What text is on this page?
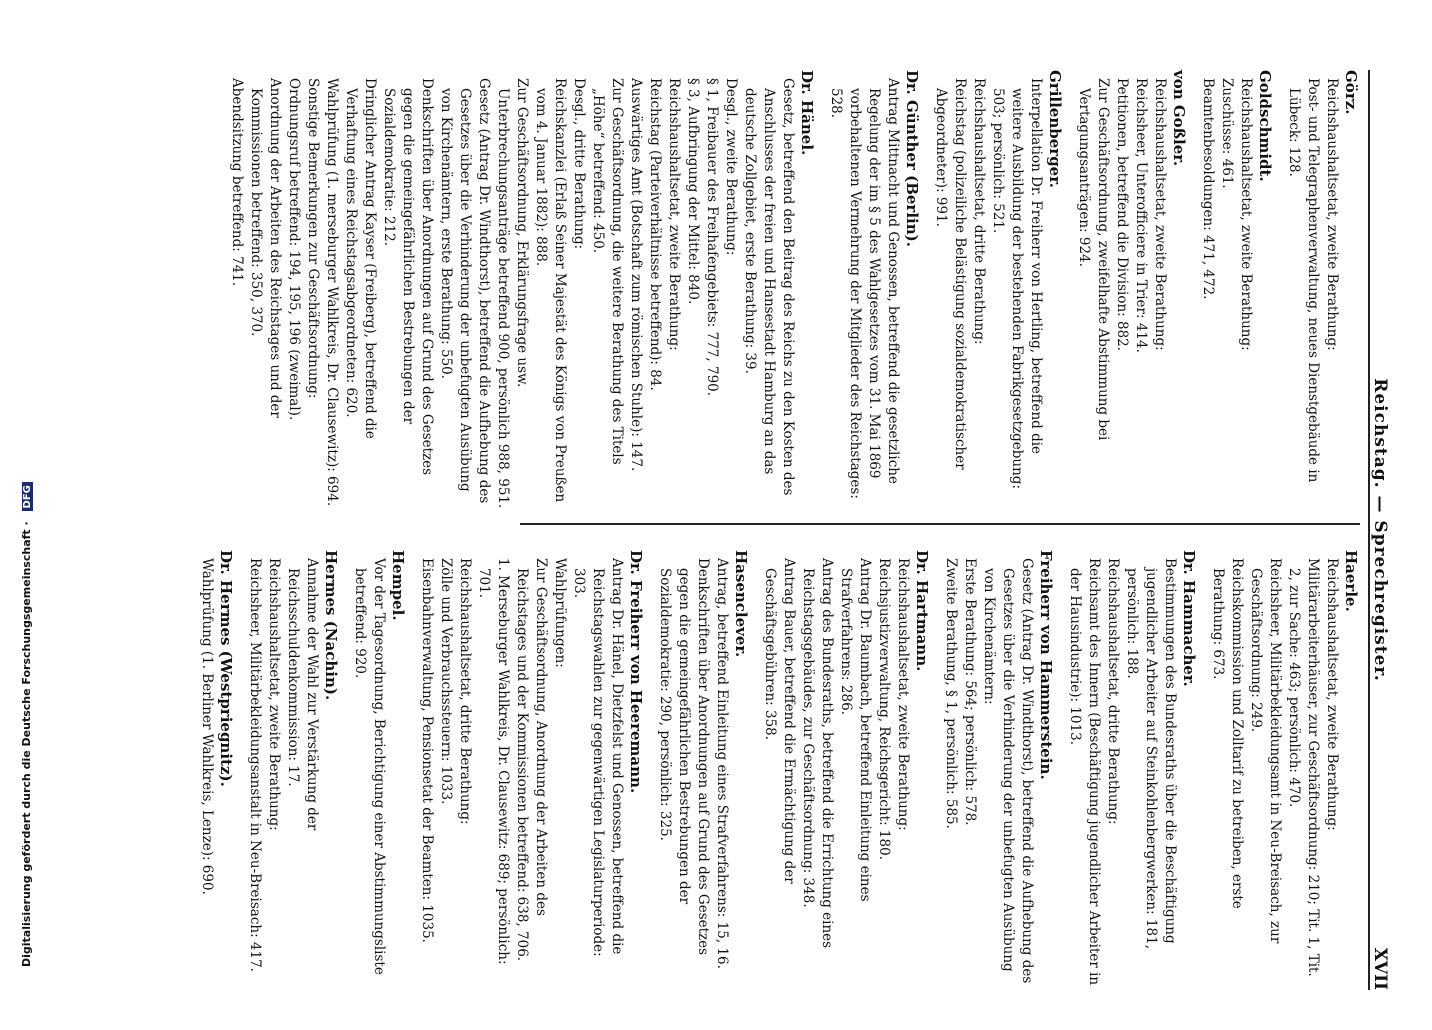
Digitalisierung gefördert durch die Deutsche Forschungsgemeinschaft · DFG	Reichstag. — Sprechregister.
XVII
Görz.
Reichshaushaltsetat, zweite Berathung:
Post- und Telegraphenverwaltung, neues Dienstgebäude in Lübeck: 128.
Goldschmidt.
Reichshaushaltsetat, zweite Berathung:
Zuschüsse: 461.
Beamtenbesoldungen: 471, 472.
von Goßler.
Reichshaushaltsetat, zweite Berathung:
Reichsheer, Unterofficiere in Trier: 414.
Petitionen, betreffend die Division: 882.
Zur Geschäftsordnung, zweifelhafte Abstimmung bei Vertagungsanträgen: 924.
Grillenberger.
Interpellation Dr. Freiherr von Hertling, betreffend die weitere Ausbildung der bestehenden Fabrikgesetzgebung: 503; persönlich: 521.
Reichshaushaltsetat, dritte Berathung:
Reichstag (polizeiliche Belästigung sozialdemokratischer Abgeordneter): 991.
Dr. Günther (Berlin).
Antrag Mittnacht und Genossen, betreffend die gesetzliche Regelung der im § 5 des Wahlgesetzes vom 31. Mai 1869 vorbehaltenen Vermehrung der Mitglieder des Reichstages: 528.
Dr. Hänel.
Gesetz, betreffend den Beitrag des Reichs zu den Kosten des Anschlusses der freien und Hansestadt Hamburg an das deutsche Zollgebiet, erste Berathung: 39.
Desgl., zweite Berathung:
§ 1, Freibauer des Freihafengebiets: 777, 790.
§ 3, Aufbringung der Mittel: 840.
Reichshaushaltsetat, zweite Berathung:
Reichstag (Parteiverhältnisse betreffend): 84.
Auswärtiges Amt (Botschaft zum römischen Stuhle): 147.
Zur Geschäftsordnung, die weitere Berathung des Titels „Höhe“ betreffend: 450.
Desgl., dritte Berathung:
Reichskanzlei (Erlaß Seiner Majestät des Königs von Preußen vom 4. Januar 1882): 888.
Zur Geschäftsordnung, Erklärungsfrage usw. Unterbrechungsanträge betreffend 900, persönlich 988, 951.
Gesetz (Antrag Dr. Windthorst), betreffend die Aufhebung des Gesetzes über die Verhinderung der unbefugten Ausübung von Kirchenämtern, erste Berathung: 550.
Denkschriften über Anordnungen auf Grund des Gesetzes gegen die gemeingefährlichen Bestrebungen der Sozialdemokratie: 212.
Dringlicher Antrag Kayser (Freiberg), betreffend die Verhaftung eines Reichstagsabgeordneten: 620.
Wahlprüfung (1. merseburger Wahlkreis, Dr. Clausewitz): 694.
Sonstige Bemerkungen zur Geschäftsordnung:
Ordnungsruf betreffend: 194, 195, 196 (zweimal).
Anordnung der Arbeiten des Reichstages und der Kommissionen betreffend: 350, 370.
Abendsitzung betreffend: 741.
Haerle.
Reichshaushaltsetat, zweite Berathung:
Militärarbeiterhäuser, zur Geschäftsordnung: 210; Tit. 1, Tit. 2, zur Sache: 463; persönlich: 470.
Reichsheer, Militärbekleidungsamt in Neu-Breisach, zur Geschäftsordnung: 249.
Reichskommission und Zolltarif zu betreiben, erste Berathung: 673.
Dr. Hammacher.
Bestimmungen des Bundesraths über die Beschäftigung jugendlicher Arbeiter auf Steinkohlenbergwerken: 181, persönlich: 188.
Reichshaushaltsetat, dritte Berathung:
Reichsamt des Innern (Beschäftigung jugendlicher Arbeiter in der Hausindustrie): 1013.
Freiherr von Hammerstein.
Gesetz (Antrag Dr. Windthorst), betreffend die Aufhebung des Gesetzes über die Verhinderung der unbefugten Ausübung von Kirchenämtern:
Erste Berathung: 564; persönlich: 578.
Zweite Berathung, § 1, persönlich: 585.
Dr. Hartmann.
Reichshaushaltsetat, zweite Berathung:
Reichsjustizverwaltung, Reichsgericht: 180.
Antrag Dr. Baumbach, betreffend Einleitung eines Strafverfahrens: 286.
Antrag des Bundesraths, betreffend die Errichtung eines Reichstagsgebäudes, zur Geschäftsordnung: 348.
Antrag Bauer, betreffend die Ermächtigung der Geschäftsgebühren: 358.
Hasenclever.
Antrag, betreffend Einleitung eines Strafverfahrens: 15, 16.
Denkschriften über Anordnungen auf Grund des Gesetzes gegen die gemeingefährlichen Bestrebungen der Sozialdemokratie: 290, persönlich: 325.
Dr. Freiherr von Heeremann.
Antrag Dr. Hänel, Dietzfelst und Genossen, betreffend die Reichstagswahlen zur gegenwärtigen Legislaturperiode: 303.
Wahlprüfungen:
Zur Geschäftsordnung, Anordnung der Arbeiten des Reichstages und der Kommissionen betreffend: 638, 706.
1. Merseburger Wahlkreis, Dr. Clausewitz: 689; persönlich: 701.
Reichshaushaltsetat, dritte Berathung:
Zölle und Verbrauchssteuern: 1033.
Eisenbahnverwaltung, Pensionsetat der Beamten: 1035.
Hempel.
Vor der Tagesordnung, Berichtigung einer Abstimmungsliste betreffend: 920.
Hermes (Nachin).
Annahme der Wahl zur Verstärkung der Reichsschuldenkommission: 17.
Reichshaushaltsetat, zweite Berathung:
Reichsheer, Militärbekleidungsanstalt in Neu-Breisach: 417.
Dr. Hermes (Westpriegnitz).
Wahlprüfung (1. Berliner Wahlkreis, Lenze): 690.
